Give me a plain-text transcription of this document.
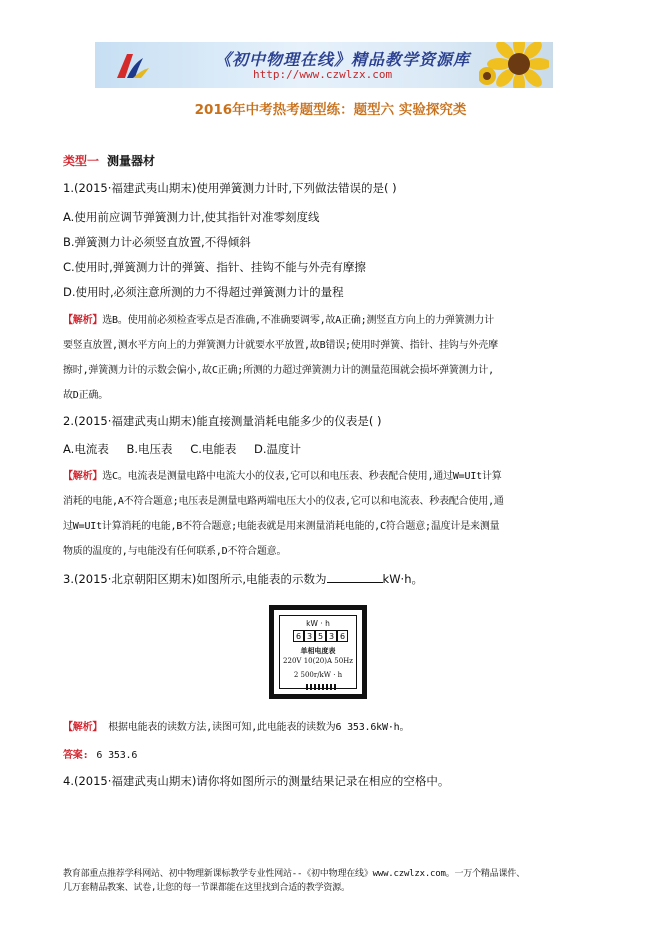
《初中物理在线》精品教学资源库
http://www.czwlzx.com
2016年中考热考题型练：题型六 实验探究类
类型一 测量器材
1.(2015·福建武夷山期末)使用弹簧测力计时,下列做法错误的是( )
A.使用前应调节弹簧测力计,使其指针对准零刻度线
B.弹簧测力计必须竖直放置,不得倾斜
C.使用时,弹簧测力计的弹簧、指针、挂钩不能与外壳有摩擦
D.使用时,必须注意所测的力不得超过弹簧测力计的量程
【解析】选B。使用前必须检查零点是否准确,不准确要调零,故A正确;测竖直方向上的力弹簧测力计
要竖直放置,测水平方向上的力弹簧测力计就要水平放置,故B错误;使用时弹簧、指针、挂钩与外壳摩
擦时,弹簧测力计的示数会偏小,故C正确;所测的力超过弹簧测力计的测量范围就会损坏弹簧测力计,
故D正确。
2.(2015·福建武夷山期末)能直接测量消耗电能多少的仪表是( )
A.电流表 B.电压表 C.电能表 D.温度计
【解析】选C。电流表是测量电路中电流大小的仪表,它可以和电压表、秒表配合使用,通过W=UIt计算
消耗的电能,A不符合题意;电压表是测量电路两端电压大小的仪表,它可以和电流表、秒表配合使用,通
过W=UIt计算消耗的电能,B不符合题意;电能表就是用来测量消耗电能的,C符合题意;温度计是来测量
物质的温度的,与电能没有任何联系,D不符合题意。
3.(2015·北京朝阳区期末)如图所示,电能表的示数为	kW·h。
kW · h
6 3 5 3 6
单相电度表
220V 10(20)A 50Hz
2 500r/kW · h
【解析】 根据电能表的读数方法,读图可知,此电能表的读数为6 353.6kW·h。
答案: 6 353.6
4.(2015·福建武夷山期末)请你将如图所示的测量结果记录在相应的空格中。
教育部重点推荐学科网站、初中物理新课标教学专业性网站--《初中物理在线》www.czwlzx.com。一万个精品课件、
几万套精品教案、试卷,让您的每一节课都能在这里找到合适的教学资源。
